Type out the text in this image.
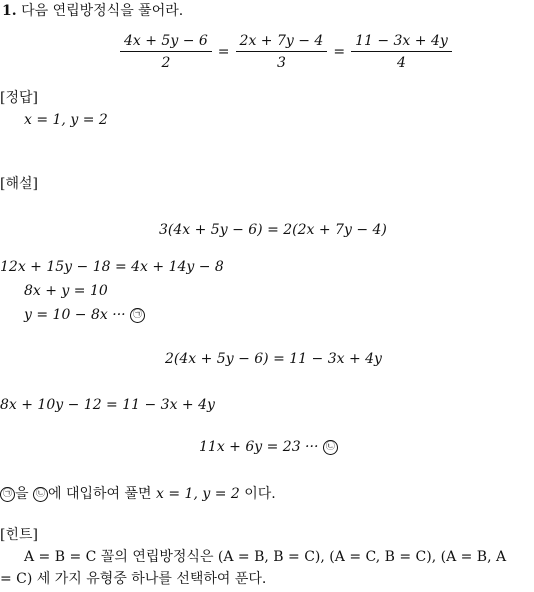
1. 다음 연립방정식을 풀어라.
$\frac{4x + 5y - 6}{2} = \frac{2x + 7y - 4}{3} = \frac{11 - 3x + 4y}{4}$
[정답]
x = 1, y = 2
[해설]
3(4x + 5y − 6) = 2(2x + 7y − 4)
12x + 15y − 18 = 4x + 14y − 8
8x + y = 10
y = 10 − 8x ··· ㉠
2(4x + 5y − 6) = 11 − 3x + 4y
8x + 10y − 12 = 11 − 3x + 4y
11x + 6y = 23 ··· ㉡
㉠ 을 ㉡ 에 대입하여 풀면 x = 1, y = 2 이다.
[힌트]
A = B = C 꼴의 연립방정식은 (A = B, B = C), (A = C, B = C), (A = B, A = C) 세 가지 유형중 하나를 선택하여 푼다.
